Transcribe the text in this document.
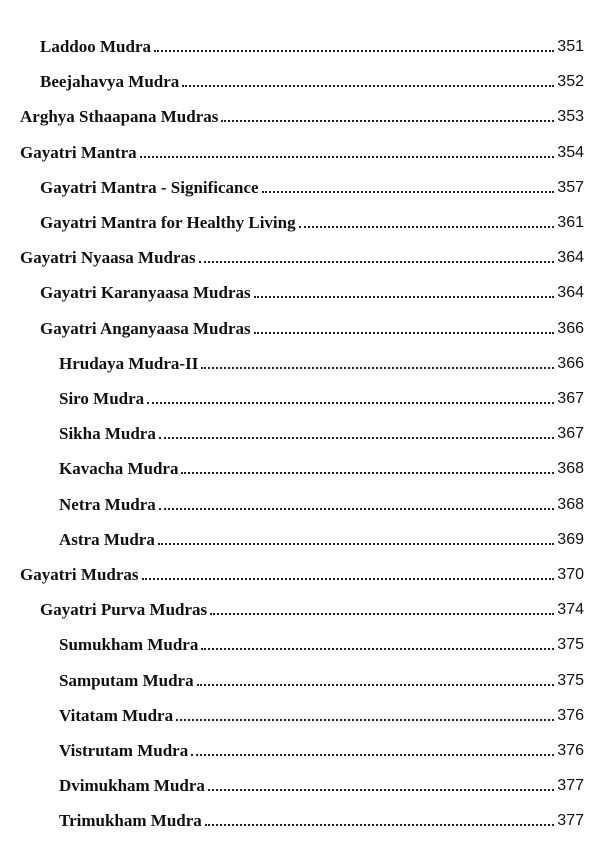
Laddoo Mudra	351
Beejahavya Mudra	352
Arghya Sthaapana Mudras	353
Gayatri Mantra	354
Gayatri Mantra - Significance	357
Gayatri Mantra for Healthy Living	361
Gayatri Nyaasa Mudras	364
Gayatri Karanyaasa Mudras	364
Gayatri Anganyaasa Mudras	366
Hrudaya Mudra-II	366
Siro Mudra	367
Sikha Mudra	367
Kavacha Mudra	368
Netra Mudra	368
Astra Mudra	369
Gayatri Mudras	370
Gayatri Purva Mudras	374
Sumukham Mudra	375
Samputam Mudra	375
Vitatam Mudra	376
Vistrutam Mudra	376
Dvimukham Mudra	377
Trimukham Mudra	377
